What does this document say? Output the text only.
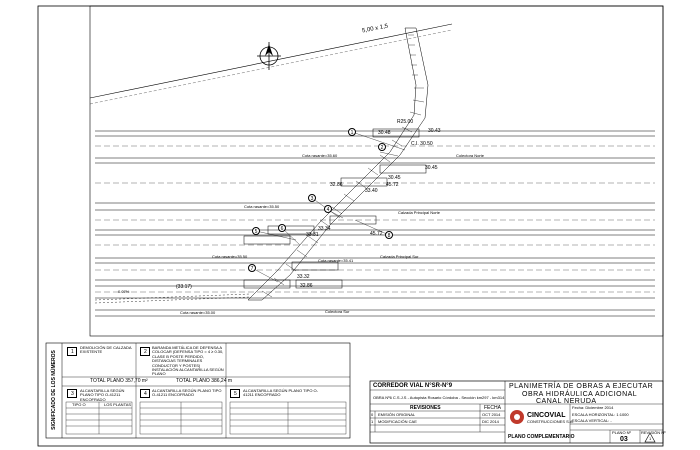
1
2
3
4
5	6
7
8
5,00 x 1,5
Colectora Norte
Calzada Principal Norte
Calzada Principal Sur
Colectora Sur
Cota rasante=35.60
Cota rasante=35.50
Cota rasante=35.50
Cota rasante=35.41
Cota rasante=35.00
0.07%
30.48	30.43
30.45
30.45
45.72
33.40
32.86
33.34
33.31	45.72
32.86
33.32
(33.17)
R25.00
C.I. 30.50
SIGNIFICADO DE LOS NÚMEROS	1
DEMOLICIÓN DE CALZADA EXISTENTE	2
BARANDA METÁLICA DE DEFENSA A COLOCAR (DEFENSA TIPO = 4 ≥ 0.30, CLASE B POSTE PERDIDO, DISTANCIAS TERMINALES CONDUCTOR Y POSTES) INSTALACIÓN ALCANTARILLA SEGÚN PLANO
TOTAL PLANO 357,70 m²	TOTAL PLANO 386,24 m
3
ALCANTARILLA SEGÚN PLANO TIPO O-41211 ENCOFRADO
4
ALCANTARILLA SEGÚN PLANO TIPO O-41211 ENCOFRADO	5
ALCANTARILLA SEGÚN PLANO TIPO O-41211 ENCOFRADO
TIPO O	LOS PLANTAS
CORREDOR VIAL N°SR-N°9
OBRA Nº6 C.S.J.S - Autopista Rosario Córdoba - Sección km297 - km314
REVISIONES	FECHA
0 EMISIÓN ORIGINAL	OCT 2014
1 MODIFICACIÓN CAE	DIC 2014
PLANO COMPLEMENTARIO
PLANIMETRÍA DE OBRAS A EJECUTAR
OBRA HIDRÁULICA ADICIONAL
CANAL NERUDA
CINCOVIAL
CONSTRUCCIONES S.A.
Fecha: Diciembre 2014
ESCALA HORIZONTAL: 1:1000
ESCALA VERTICAL: -
PLANO Nº
03
REVISIÓN Nº
1
